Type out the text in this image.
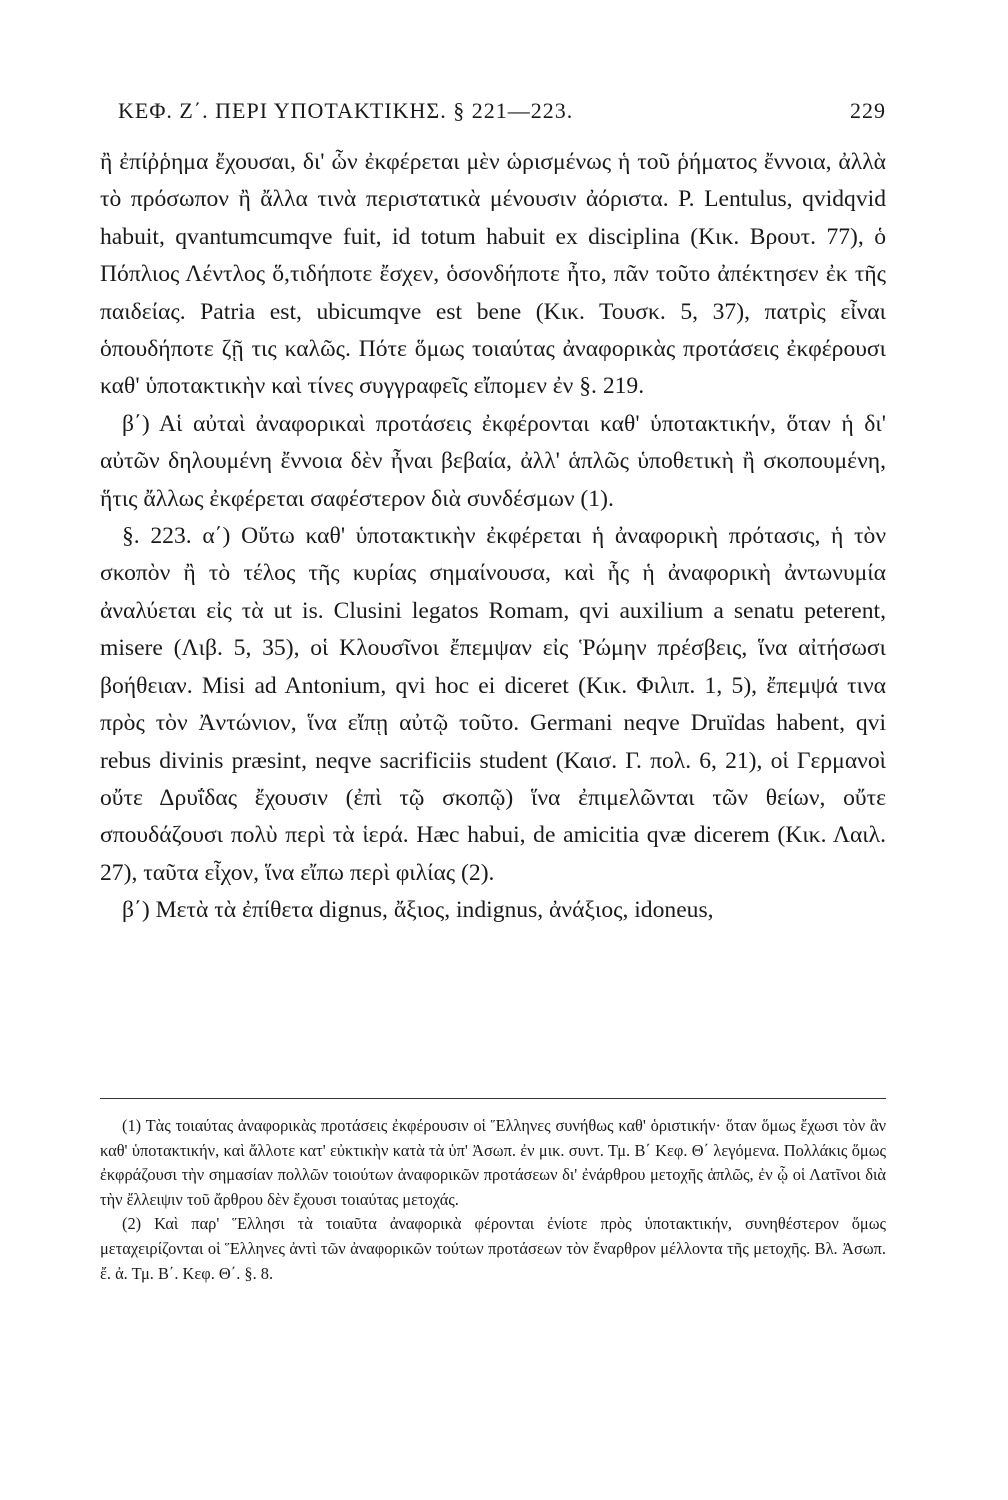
ΚΕΦ. Ζ΄. ΠΕΡΙ ΥΠΟΤΑΚΤΙΚΗΣ. § 221—223.	229

ἢ ἐπίῤῥημα ἔχουσαι, δι' ὧν ἐκφέρεται μὲν ὡρισμένως ἡ τοῦ ῥήματος ἔννοια, ἀλλὰ τὸ πρόσωπον ἢ ἄλλα τινὰ περιστατικὰ μένουσιν ἀόριστα. P. Lentulus, qvidqvid habuit, qvantumcumqve fuit, id totum habuit ex disciplina (Κικ. Βρουτ. 77), ὁ Πόπλιος Λέντλος ὅ,τιδήποτε ἔσχεν, ὁσονδήποτε ἦτο, πᾶν τοῦτο ἀπέκτησεν ἐκ τῆς παιδείας. Patria est, ubicumqve est bene (Κικ. Τουσκ. 5, 37), πατρὶς εἶναι ὁπουδήποτε ζῇ τις καλῶς. Πότε ὅμως τοιαύτας ἀναφορικὰς προτάσεις ἐκφέρουσι καθ' ὑποτακτικὴν καὶ τίνες συγγραφεῖς εἴπομεν ἐν §. 219.

β΄) Αἱ αὐταὶ ἀναφορικαὶ προτάσεις ἐκφέρονται καθ' ὑποτακτικήν, ὅταν ἡ δι' αὐτῶν δηλουμένη ἔννοια δὲν ἦναι βεβαία, ἀλλ' ἁπλῶς ὑποθετικὴ ἢ σκοπουμένη, ἥτις ἄλλως ἐκφέρεται σαφέστερον διὰ συνδέσμων (1).

§. 223. α΄) Οὕτω καθ' ὑποτακτικὴν ἐκφέρεται ἡ ἀναφορικὴ πρότασις, ἡ τὸν σκοπὸν ἢ τὸ τέλος τῆς κυρίας σημαίνουσα, καὶ ἧς ἡ ἀναφορικὴ ἀντωνυμία ἀναλύεται εἰς τὰ ut is. Clusini legatos Romam, qvi auxilium a senatu peterent, misere (Λιβ. 5, 35), οἱ Κλουσῖνοι ἔπεμψαν εἰς Ῥώμην πρέσβεις, ἵνα αἰτήσωσι βοήθειαν. Misi ad Antonium, qvi hoc ei diceret (Κικ. Φιλιπ. 1, 5), ἔπεμψά τινα πρὸς τὸν Ἀντώνιον, ἵνα εἴπῃ αὐτῷ τοῦτο. Germani neqve Druïdas habent, qvi rebus divinis præsint, neqve sacrificiis student (Καισ. Γ. πολ. 6, 21), οἱ Γερμανοὶ οὔτε Δρυΐδας ἔχουσιν (ἐπὶ τῷ σκοπῷ) ἵνα ἐπιμελῶνται τῶν θείων, οὔτε σπουδάζουσι πολὺ περὶ τὰ ἱερά. Hæc habui, de amicitia qvæ dicerem (Κικ. Λαιλ. 27), ταῦτα εἶχον, ἵνα εἴπω περὶ φιλίας (2).

β΄) Μετὰ τὰ ἐπίθετα dignus, ἄξιος, indignus, ἀνάξιος, idoneus,

(1) Τὰς τοιαύτας ἀναφορικὰς προτάσεις ἐκφέρουσιν οἱ Ἕλληνες συνήθως καθ' ὁριστικήν· ὅταν ὅμως ἔχωσι τὸν ἂν καθ' ὑποτακτικήν, καὶ ἄλλοτε κατ' εὐκτικὴν κατὰ τὰ ὑπ' Ἀσωπ. ἐν μικ. συντ. Τμ. Β΄ Κεφ. Θ΄ λεγόμενα. Πολλάκις ὅμως ἐκφράζουσι τὴν σημασίαν πολλῶν τοιούτων ἀναφορικῶν προτάσεων δι' ἐνάρθρου μετοχῆς ἁπλῶς, ἐν ᾧ οἱ Λατῖνοι διὰ τὴν ἔλλειψιν τοῦ ἄρθρου δὲν ἔχουσι τοιαύτας μετοχάς.

(2) Καὶ παρ' Ἕλλησι τὰ τοιαῦτα ἀναφορικὰ φέρονται ἐνίοτε πρὸς ὑποτακτικήν, συνηθέστερον ὅμως μεταχειρίζονται οἱ Ἕλληνες ἀντὶ τῶν ἀναφορικῶν τούτων προτάσεων τὸν ἔναρθρον μέλλοντα τῆς μετοχῆς. Βλ. Ἀσωπ. ἔ. ἀ. Τμ. Β΄. Κεφ. Θ΄. §. 8.
